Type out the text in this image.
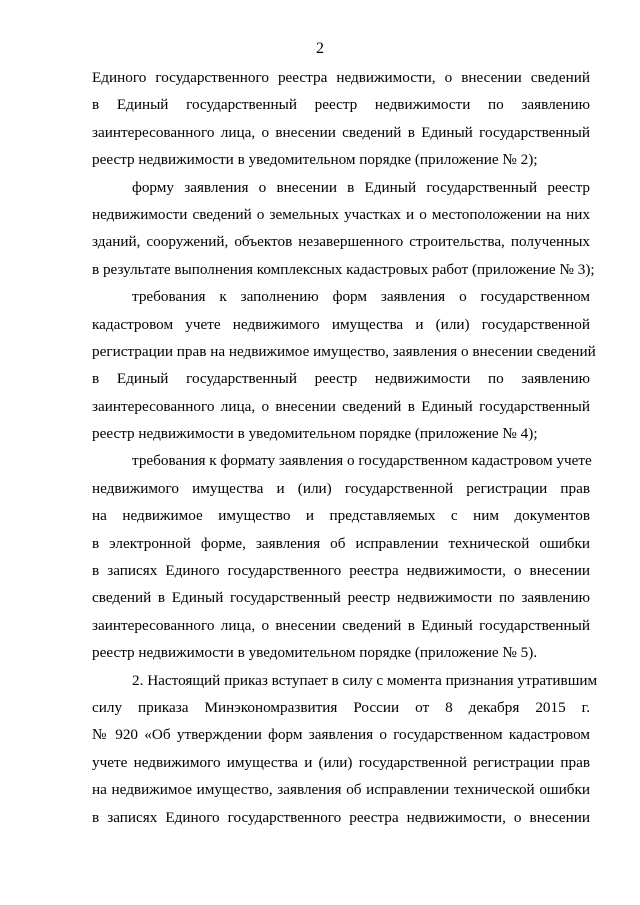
2
Единого государственного реестра недвижимости, о внесении сведений
в Единый государственный реестр недвижимости по заявлению
заинтересованного лица, о внесении сведений в Единый государственный
реестр недвижимости в уведомительном порядке (приложение № 2);
форму заявления о внесении в Единый государственный реестр
недвижимости сведений о земельных участках и о местоположении на них
зданий, сооружений, объектов незавершенного строительства, полученных
в результате выполнения комплексных кадастровых работ (приложение № 3);
требования к заполнению форм заявления о государственном
кадастровом учете недвижимого имущества и (или) государственной
регистрации прав на недвижимое имущество, заявления о внесении сведений
в Единый государственный реестр недвижимости по заявлению
заинтересованного лица, о внесении сведений в Единый государственный
реестр недвижимости в уведомительном порядке (приложение № 4);
требования к формату заявления о государственном кадастровом учете
недвижимого имущества и (или) государственной регистрации прав
на недвижимое имущество и представляемых с ним документов
в электронной форме, заявления об исправлении технической ошибки
в записях Единого государственного реестра недвижимости, о внесении
сведений в Единый государственный реестр недвижимости по заявлению
заинтересованного лица, о внесении сведений в Единый государственный
реестр недвижимости в уведомительном порядке (приложение № 5).
2. Настоящий приказ вступает в силу с момента признания утратившим
силу приказа Минэкономразвития России от 8 декабря 2015 г.
№ 920 «Об утверждении форм заявления о государственном кадастровом
учете недвижимого имущества и (или) государственной регистрации прав
на недвижимое имущество, заявления об исправлении технической ошибки
в записях Единого государственного реестра недвижимости, о внесении
